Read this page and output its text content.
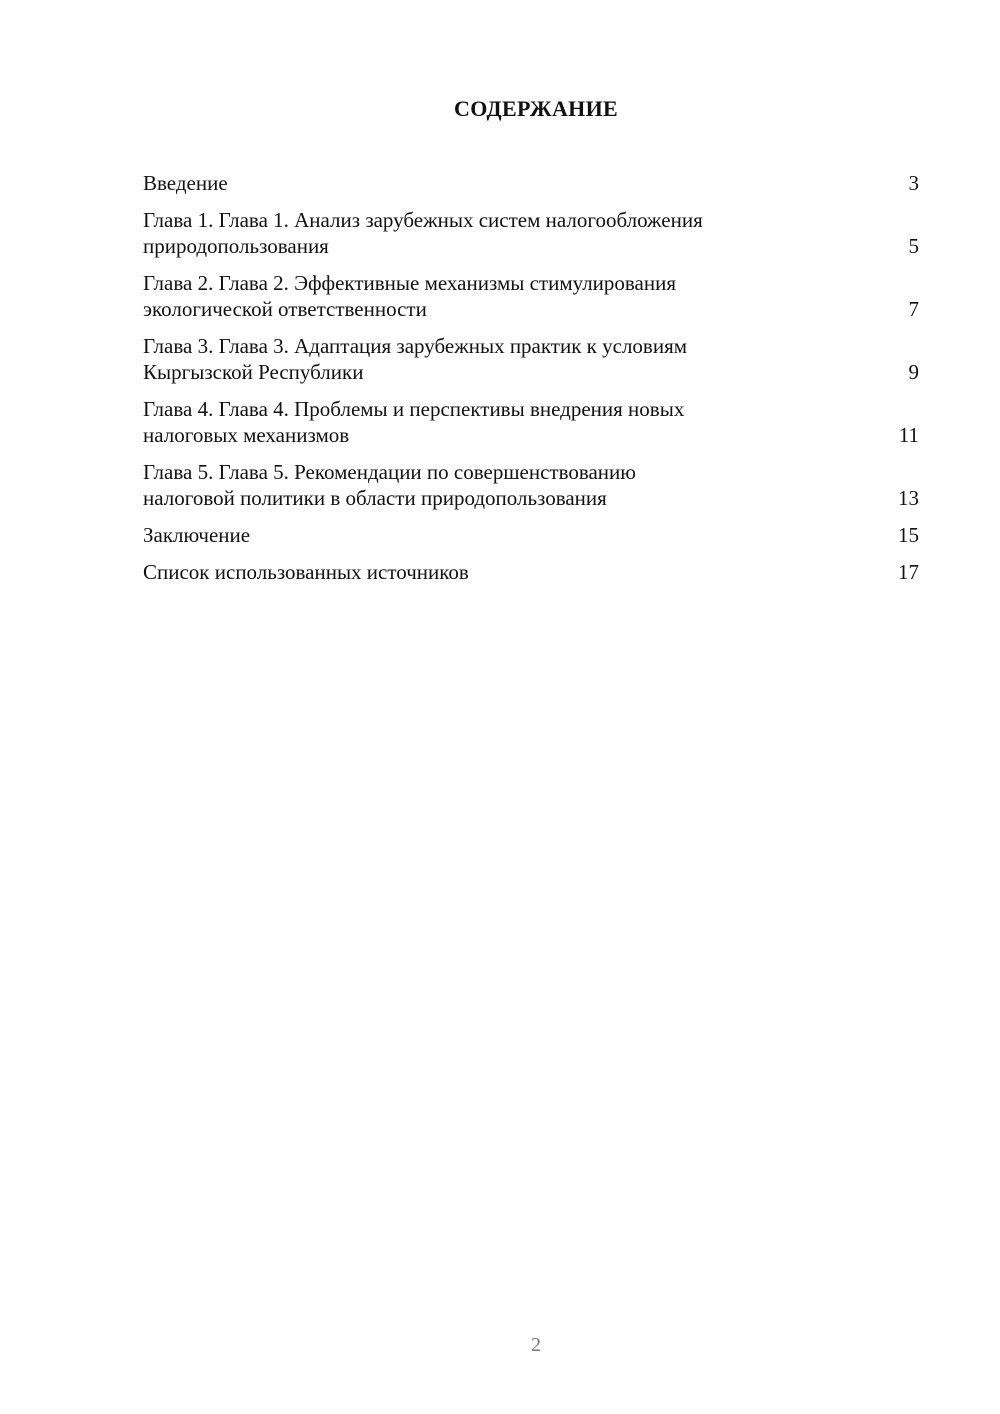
СОДЕРЖАНИЕ
Введение	3
Глава 1. Глава 1. Анализ зарубежных систем налогообложения
природопользования	5
Глава 2. Глава 2. Эффективные механизмы стимулирования
экологической ответственности	7
Глава 3. Глава 3. Адаптация зарубежных практик к условиям
Кыргызской Республики	9
Глава 4. Глава 4. Проблемы и перспективы внедрения новых
налоговых механизмов	11
Глава 5. Глава 5. Рекомендации по совершенствованию
налоговой политики в области природопользования	13
Заключение	15
Список использованных источников	17
2
